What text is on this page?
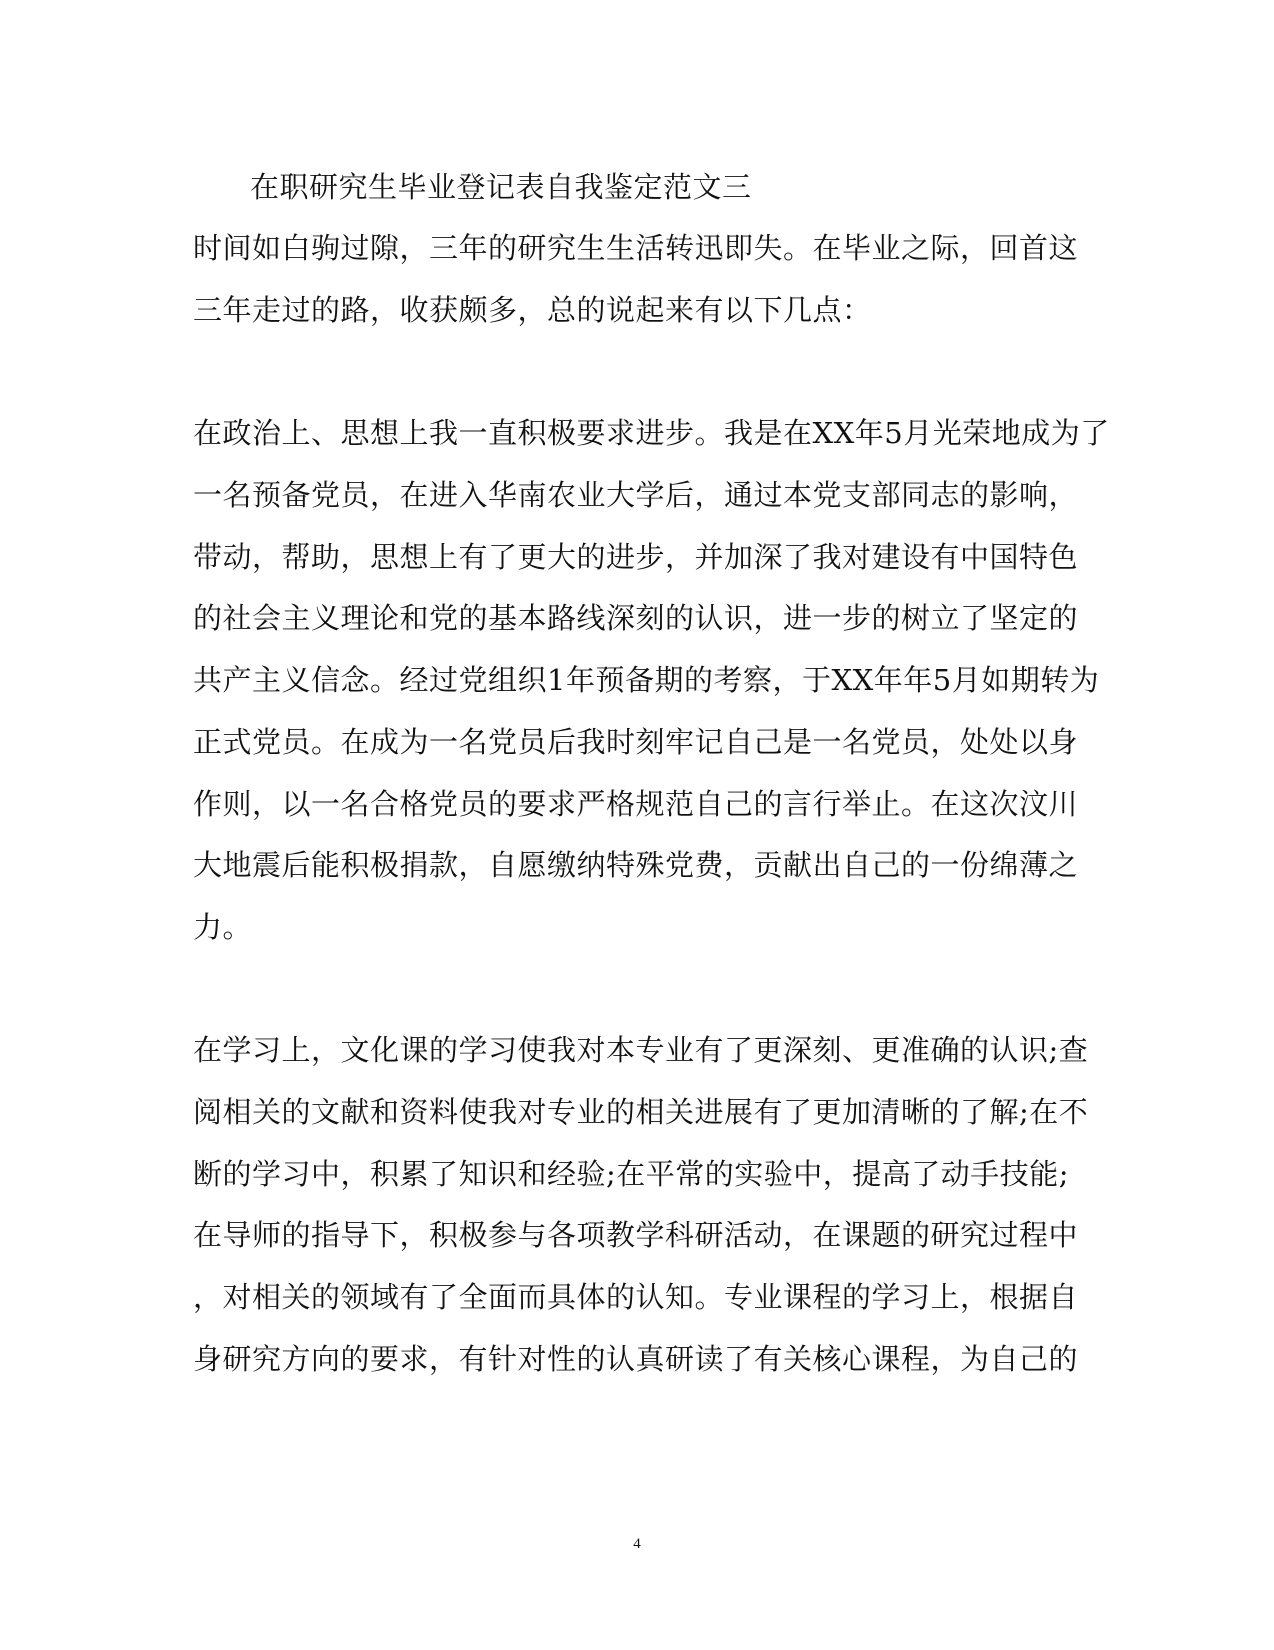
在职研究生毕业登记表自我鉴定范文三
时间如白驹过隙，三年的研究生生活转迅即失。在毕业之际，回首这
三年走过的路，收获颇多，总的说起来有以下几点：
在政治上、思想上我一直积极要求进步。我是在XX年5月光荣地成为了
一名预备党员，在进入华南农业大学后，通过本党支部同志的影响，
带动，帮助，思想上有了更大的进步，并加深了我对建设有中国特色
的社会主义理论和党的基本路线深刻的认识，进一步的树立了坚定的
共产主义信念。经过党组织1年预备期的考察，于XX年年5月如期转为
正式党员。在成为一名党员后我时刻牢记自己是一名党员，处处以身
作则，以一名合格党员的要求严格规范自己的言行举止。在这次汶川
大地震后能积极捐款，自愿缴纳特殊党费，贡献出自己的一份绵薄之
力。
在学习上，文化课的学习使我对本专业有了更深刻、更准确的认识;查
阅相关的文献和资料使我对专业的相关进展有了更加清晰的了解;在不
断的学习中，积累了知识和经验;在平常的实验中，提高了动手技能;
在导师的指导下，积极参与各项教学科研活动，在课题的研究过程中
，对相关的领域有了全面而具体的认知。专业课程的学习上，根据自
身研究方向的要求，有针对性的认真研读了有关核心课程，为自己的
4
